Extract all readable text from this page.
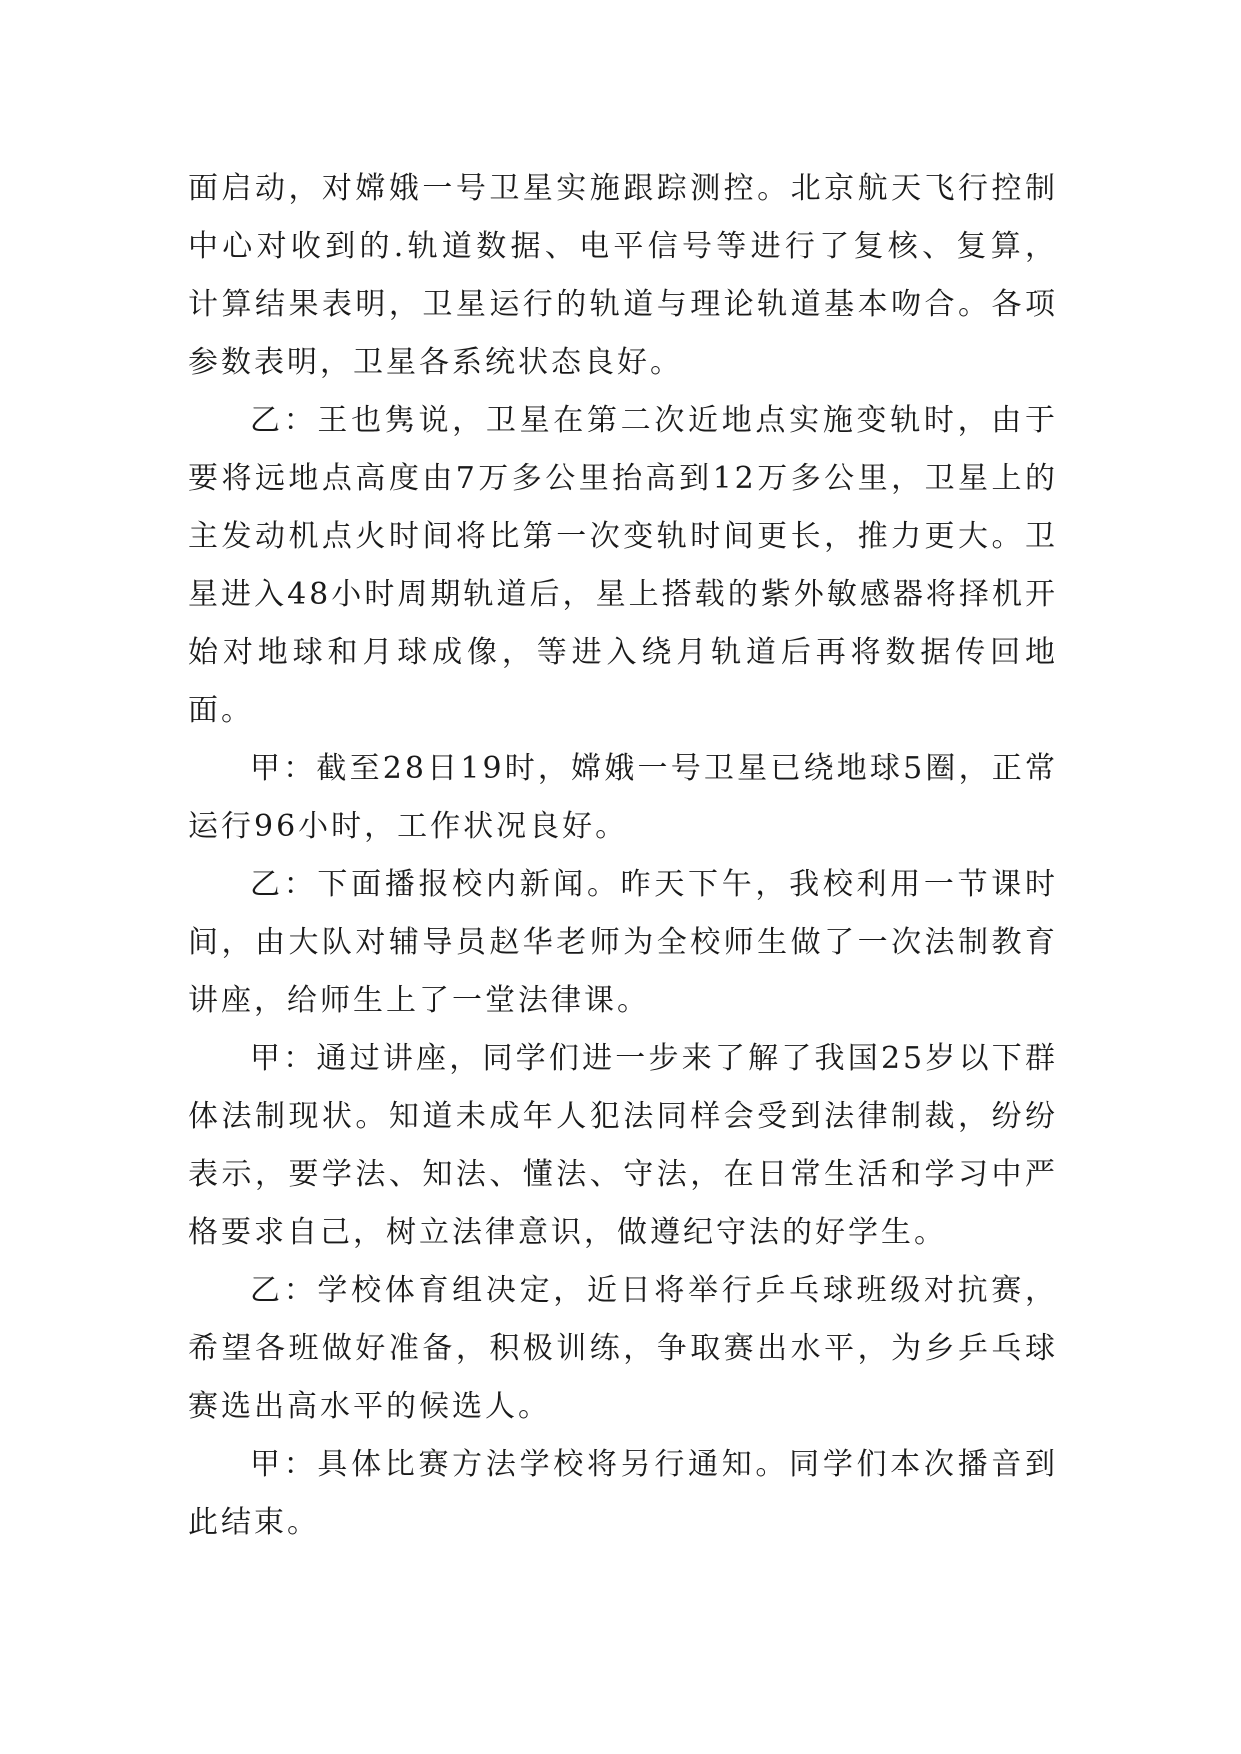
面启动，对嫦娥一号卫星实施跟踪测控。北京航天飞行控制中心对收到的.轨道数据、电平信号等进行了复核、复算，计算结果表明，卫星运行的轨道与理论轨道基本吻合。各项参数表明，卫星各系统状态良好。

乙：王也隽说，卫星在第二次近地点实施变轨时，由于要将远地点高度由7万多公里抬高到12万多公里，卫星上的主发动机点火时间将比第一次变轨时间更长，推力更大。卫星进入48小时周期轨道后，星上搭载的紫外敏感器将择机开始对地球和月球成像，等进入绕月轨道后再将数据传回地面。

甲：截至28日19时，嫦娥一号卫星已绕地球5圈，正常运行96小时，工作状况良好。

乙：下面播报校内新闻。昨天下午，我校利用一节课时间，由大队对辅导员赵华老师为全校师生做了一次法制教育讲座，给师生上了一堂法律课。

甲：通过讲座，同学们进一步来了解了我国25岁以下群体法制现状。知道未成年人犯法同样会受到法律制裁，纷纷表示，要学法、知法、懂法、守法，在日常生活和学习中严格要求自己，树立法律意识，做遵纪守法的好学生。

乙：学校体育组决定，近日将举行乒乓球班级对抗赛，希望各班做好准备，积极训练，争取赛出水平，为乡乒乓球赛选出高水平的候选人。

甲：具体比赛方法学校将另行通知。同学们本次播音到此结束。
